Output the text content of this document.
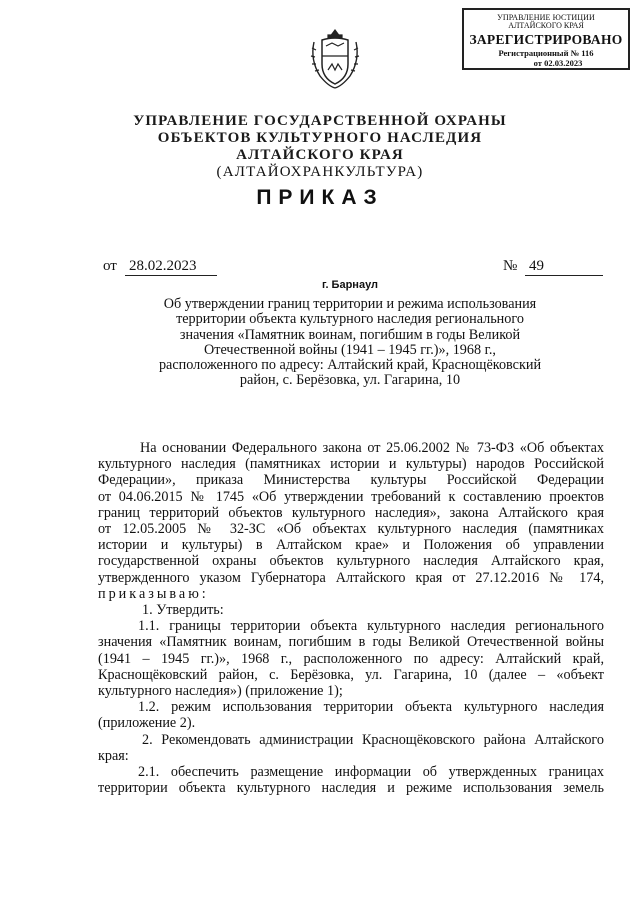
УПРАВЛЕНИЕ ЮСТИЦИИ
АЛТАЙСКОГО КРАЯ
ЗАРЕГИСТРИРОВАНО
Регистрационный № 116
от 02.03.2023
УПРАВЛЕНИЕ ГОСУДАРСТВЕННОЙ ОХРАНЫ
ОБЪЕКТОВ КУЛЬТУРНОГО НАСЛЕДИЯ
АЛТАЙСКОГО КРАЯ
(АЛТАЙОХРАНКУЛЬТУРА)
ПРИКАЗ
от 28.02.2023	№ 49
г. Барнаул
Об утверждении границ территории и режима использования
территории объекта культурного наследия регионального
значения «Памятник воинам, погибшим в годы Великой
Отечественной войны (1941 – 1945 гг.)», 1968 г.,
расположенного по адресу: Алтайский край, Краснощёковский
район, с. Берёзовка, ул. Гагарина, 10
На основании Федерального закона от 25.06.2002 № 73-ФЗ «Об объектах
культурного наследия (памятниках истории и культуры) народов Российской
Федерации», приказа Министерства культуры Российской Федерации
от 04.06.2015 № 1745 «Об утверждении требований к составлению проектов
границ территорий объектов культурного наследия», закона Алтайского края
от 12.05.2005 № 32-ЗС «Об объектах культурного наследия (памятниках
истории и культуры) в Алтайском крае» и Положения об управлении
государственной охраны объектов культурного наследия Алтайского края,
утвержденного указом Губернатора Алтайского края от 27.12.2016 № 174,
приказываю:
1. Утвердить:
1.1. границы территории объекта культурного наследия регионального
значения «Памятник воинам, погибшим в годы Великой Отечественной войны
(1941 – 1945 гг.)», 1968 г., расположенного по адресу: Алтайский край,
Краснощёковский район, с. Берёзовка, ул. Гагарина, 10 (далее – «объект
культурного наследия») (приложение 1);
1.2. режим использования территории объекта культурного наследия
(приложение 2).
2. Рекомендовать администрации Краснощёковского района Алтайского
края:
2.1. обеспечить размещение информации об утвержденных границах
территории объекта культурного наследия и режиме использования земель
